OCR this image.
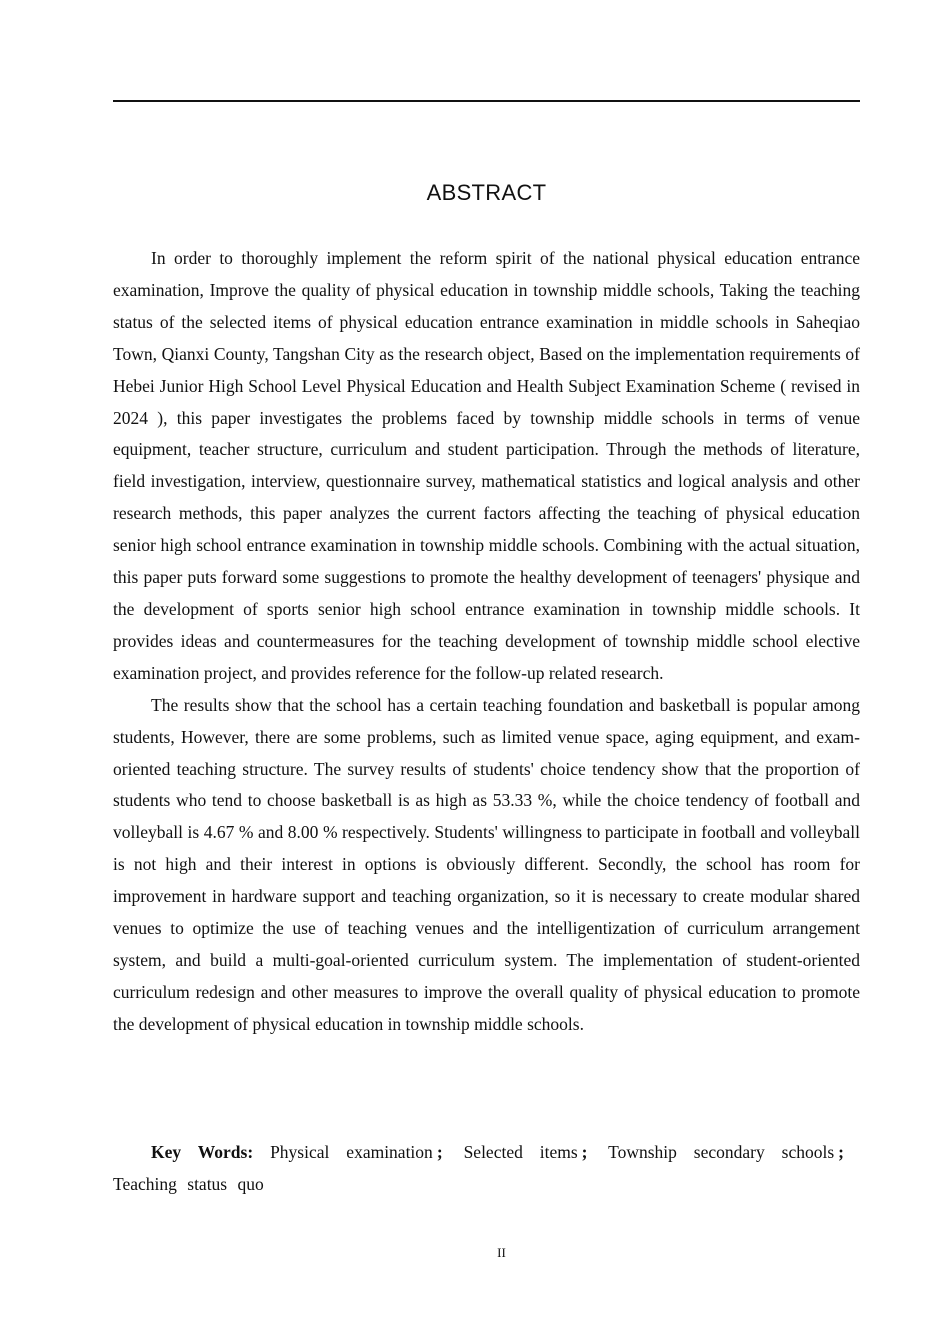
ABSTRACT

In order to thoroughly implement the reform spirit of the national physical education entrance examination, Improve the quality of physical education in township middle schools, Taking the teaching status of the selected items of physical education entrance examination in middle schools in Saheqiao Town, Qianxi County, Tangshan City as the research object, Based on the implementation requirements of Hebei Junior High School Level Physical Education and Health Subject Examination Scheme ( revised in 2024 ), this paper investigates the problems faced by township middle schools in terms of venue equipment, teacher structure, curriculum and student participation. Through the methods of literature, field investigation, interview, questionnaire survey, mathematical statistics and logical analysis and other research methods, this paper analyzes the current factors affecting the teaching of physical education senior high school entrance examination in township middle schools. Combining with the actual situation, this paper puts forward some suggestions to promote the healthy development of teenagers' physique and the development of sports senior high school entrance examination in township middle schools. It provides ideas and countermeasures for the teaching development of township middle school elective examination project, and provides reference for the follow-up related research.

The results show that the school has a certain teaching foundation and basketball is popular among students, However, there are some problems, such as limited venue space, aging equipment, and exam-oriented teaching structure. The survey results of students' choice tendency show that the proportion of students who tend to choose basketball is as high as 53.33 %, while the choice tendency of football and volleyball is 4.67 % and 8.00 % respectively. Students' willingness to participate in football and volleyball is not high and their interest in options is obviously different. Secondly, the school has room for improvement in hardware support and teaching organization, so it is necessary to create modular shared venues to optimize the use of teaching venues and the intelligentization of curriculum arrangement system, and build a multi-goal-oriented curriculum system. The implementation of student-oriented curriculum redesign and other measures to improve the overall quality of physical education to promote the development of physical education in township middle schools.

Key Words: Physical examination ; Selected items ; Township secondary schools ; Teaching status quo
II
